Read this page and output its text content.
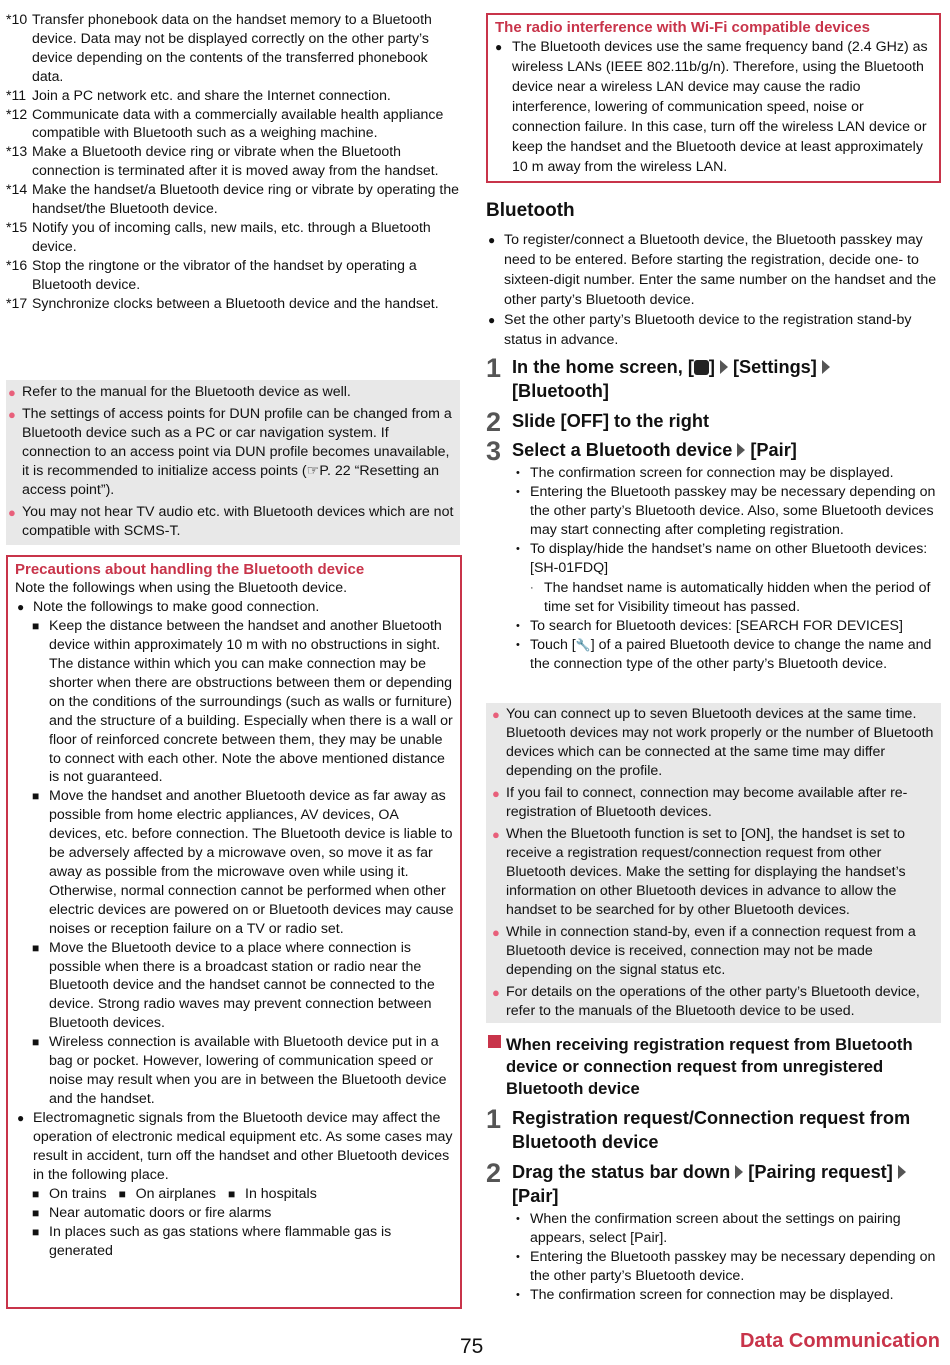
*10 Transfer phonebook data on the handset memory to a Bluetooth device. Data may not be displayed correctly on the other party’s device depending on the contents of the transferred phonebook data.
*11 Join a PC network etc. and share the Internet connection.
*12 Communicate data with a commercially available health appliance compatible with Bluetooth such as a weighing machine.
*13 Make a Bluetooth device ring or vibrate when the Bluetooth connection is terminated after it is moved away from the handset.
*14 Make the handset/a Bluetooth device ring or vibrate by operating the handset/the Bluetooth device.
*15 Notify you of incoming calls, new mails, etc. through a Bluetooth device.
*16 Stop the ringtone or the vibrator of the handset by operating a Bluetooth device.
*17 Synchronize clocks between a Bluetooth device and the handset.
● Refer to the manual for the Bluetooth device as well.
● The settings of access points for DUN profile can be changed from a Bluetooth device such as a PC or car navigation system. If connection to an access point via DUN profile becomes unavailable, it is recommended to initialize access points (☞P. 22 “Resetting an access point”).
● You may not hear TV audio etc. with Bluetooth devices which are not compatible with SCMS-T.
Precautions about handling the Bluetooth device
Note the followings when using the Bluetooth device.
● Note the followings to make good connection.
■ Keep the distance between the handset and another Bluetooth device within approximately 10 m with no obstructions in sight. The distance within which you can make connection may be shorter when there are obstructions between them or depending on the conditions of the surroundings (such as walls or furniture) and the structure of a building. Especially when there is a wall or floor of reinforced concrete between them, they may be unable to connect with each other. Note the above mentioned distance is not guaranteed.
■ Move the handset and another Bluetooth device as far away as possible from home electric appliances, AV devices, OA devices, etc. before connection. The Bluetooth device is liable to be adversely affected by a microwave oven, so move it as far away as possible from the microwave oven while using it. Otherwise, normal connection cannot be performed when other electric devices are powered on or Bluetooth devices may cause noises or reception failure on a TV or radio set.
■ Move the Bluetooth device to a place where connection is possible when there is a broadcast station or radio near the Bluetooth device and the handset cannot be connected to the device. Strong radio waves may prevent connection between Bluetooth devices.
■ Wireless connection is available with Bluetooth device put in a bag or pocket. However, lowering of communication speed or noise may result when you are in between the Bluetooth device and the handset.
● Electromagnetic signals from the Bluetooth device may affect the operation of electronic medical equipment etc. As some cases may result in accident, turn off the handset and other Bluetooth devices in the following place.
■ On trains ■ On airplanes ■ In hospitals
■ Near automatic doors or fire alarms
■ In places such as gas stations where flammable gas is generated
The radio interference with Wi-Fi compatible devices
● The Bluetooth devices use the same frequency band (2.4 GHz) as wireless LANs (IEEE 802.11b/g/n). Therefore, using the Bluetooth device near a wireless LAN device may cause the radio interference, lowering of communication speed, noise or connection failure. In this case, turn off the wireless LAN device or keep the handset and the Bluetooth device at least approximately 10 m away from the wireless LAN.
Bluetooth
● To register/connect a Bluetooth device, the Bluetooth passkey may need to be entered. Before starting the registration, decide one- to sixteen-digit number. Enter the same number on the handset and the other party’s Bluetooth device.
● Set the other party’s Bluetooth device to the registration stand-by status in advance.
1 In the home screen, [ ] [Settings]
[Bluetooth]
2 Slide [OFF] to the right
3 Select a Bluetooth device [Pair]
• The confirmation screen for connection may be displayed.
• Entering the Bluetooth passkey may be necessary depending on the other party’s Bluetooth device. Also, some Bluetooth devices may start connecting after completing registration.
• To display/hide the handset’s name on other Bluetooth devices: [SH-01FDQ]
· The handset name is automatically hidden when the period of time set for Visibility timeout has passed.
• To search for Bluetooth devices: [SEARCH FOR DEVICES]
• Touch [🔧] of a paired Bluetooth device to change the name and the connection type of the other party’s Bluetooth device.
● You can connect up to seven Bluetooth devices at the same time. Bluetooth devices may not work properly or the number of Bluetooth devices which can be connected at the same time may differ depending on the profile.
● If you fail to connect, connection may become available after re-registration of Bluetooth devices.
● When the Bluetooth function is set to [ON], the handset is set to receive a registration request/connection request from other Bluetooth devices. Make the setting for displaying the handset’s information on other Bluetooth devices in advance to allow the handset to be searched for by other Bluetooth devices.
● While in connection stand-by, even if a connection request from a Bluetooth device is received, connection may not be made depending on the signal status etc.
● For details on the operations of the other party’s Bluetooth device, refer to the manuals of the Bluetooth device to be used.
When receiving registration request from Bluetooth device or connection request from unregistered Bluetooth device
1 Registration request/Connection request from Bluetooth device
2 Drag the status bar down [Pairing request]
[Pair]
• When the confirmation screen about the settings on pairing appears, select [Pair].
• Entering the Bluetooth passkey may be necessary depending on the other party’s Bluetooth device.
• The confirmation screen for connection may be displayed.
75	Data Communication
